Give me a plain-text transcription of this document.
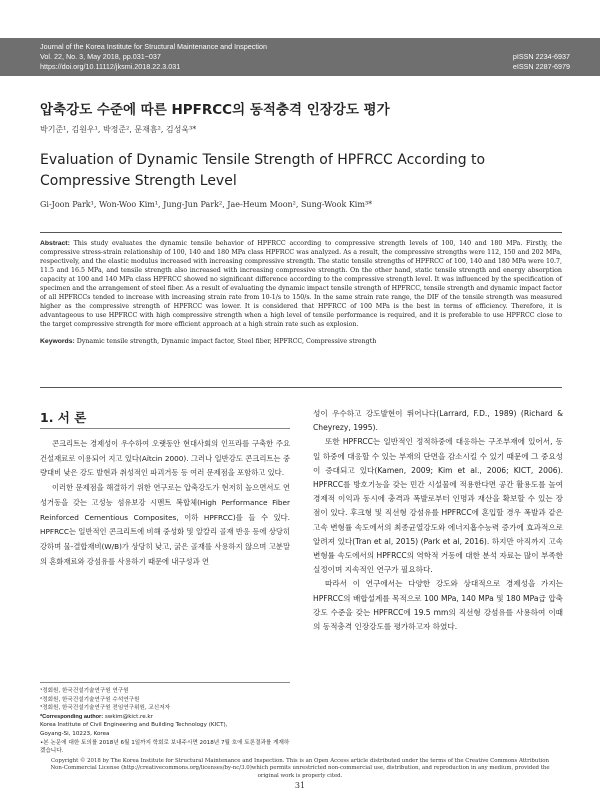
Journal of the Korea Institute for Structural Maintenance and Inspection
Vol. 22, No. 3, May 2018, pp.031~037
https://doi.org/10.11112/jksmi.2018.22.3.031
pISSN 2234-6937
eISSN 2287-6979
압축강도 수준에 따른 HPFRCC의 동적충격 인장강도 평가
박기준¹, 김원우¹, 박정준², 문재흠², 김성욱³*
Evaluation of Dynamic Tensile Strength of HPFRCC According to Compressive Strength Level
Gi-Joon Park¹, Won-Woo Kim¹, Jung-Jun Park², Jae-Heum Moon², Sung-Wook Kim³*
Abstract: This study evaluates the dynamic tensile behavior of HPFRCC according to compressive strength levels of 100, 140 and 180 MPa. Firstly, the compressive stress-strain relationship of 100, 140 and 180 MPa class HPFRCC was analyzed. As a result, the compressive strengths were 112, 150 and 202 MPa, respectively, and the elastic modulus increased with increasing compressive strength. The static tensile strengths of HPFRCC of 100, 140 and 180 MPa were 10.7, 11.5 and 16.5 MPa, and tensile strength also increased with increasing compressive strength. On the other hand, static tensile strength and energy absorption capacity at 100 and 140 MPa class HPFRCC showed no significant difference according to the compressive strength level. It was influenced by the specification of specimen and the arrangement of steel fiber. As a result of evaluating the dynamic impact tensile strength of HPFRCC, tensile strength and dynamic impact factor of all HPFRCCs tended to increase with increasing strain rate from 10-1/s to 150/s. In the same strain rate range, the DIF of the tensile strength was measured higher as the compressive strength of HPFRCC was lower. It is considered that HPFRCC of 100 MPa is the best in terms of efficiency. Therefore, it is advantageous to use HPFRCC with high compressive strength when a high level of tensile performance is required, and it is preferable to use HPFRCC close to the target compressive strength for more efficient approach at a high strain rate such as explosion.
Keywords: Dynamic tensile strength, Dynamic impact factor, Steel fiber, HPFRCC, Compressive strength
1. 서 론

콘크리트는 경제성이 우수하여 오랫동안 현대사회의 인프라를 구축한 주요 건설재료로 이용되어 지고 있다(Aïtcin 2000). 그러나 일반강도 콘크리트는 중량대비 낮은 강도 발현과 취성적인 파괴거동 등 여러 문제점을 포함하고 있다.

이러한 문제점을 해결하기 위한 연구로는 압축강도가 현저히 높으면서도 연성거동을 갖는 고성능 섬유보강 시멘트 복합체(High Performance Fiber Reinforced Cementious Composites, 이하 HPFRCC)를 들 수 있다. HPFRCC는 일반적인 콘크리트에 비해 중성화 및 알칼리 골재 반응 등에 상당히 강하며 물-결합재비(W/B)가 상당히 낮고, 굵은 골재를 사용하지 않으며 고분말의 혼화재료와 강섬유를 사용하기 때문에 내구성과 연

성이 우수하고 강도발현이 뛰어나다(Larrard, F.D., 1989) (Richard & Cheyrezy, 1995).

또한 HPFRCC는 일반적인 정적하중에 대응하는 구조부재에 있어서, 동일 하중에 대응할 수 있는 부재의 단면을 감소시킬 수 있기 때문에 그 중요성이 증대되고 있다(Kamen, 2009; Kim et al., 2006; KICT, 2006). HPFRCC를 방호기능을 갖는 민간 시설물에 적용한다면 공간 활용도를 높여 경제적 이익과 동시에 충격과 폭발로부터 인명과 재산을 확보할 수 있는 장점이 있다. 후크형 및 직선형 강섬유를 HPFRCC에 혼입할 경우 폭발과 같은 고속 변형률 속도에서의 최종균열강도와 에너지흡수능력 증가에 효과적으로 알려져 있다(Tran et al, 2015) (Park et al, 2016). 하지만 아직까지 고속 변형률 속도에서의 HPFRCC의 역학적 거동에 대한 분석 자료는 많이 부족한 실정이며 지속적인 연구가 필요하다.

따라서 이 연구에서는 다양한 강도와 상대적으로 경제성을 가지는 HPFRCC의 배합설계를 목적으로 100 MPa, 140 MPa 및 180 MPa급 압축강도 수준을 갖는 HPFRCC에 19.5 mm의 직선형 강섬유를 사용하여 이때의 동적충격 인장강도를 평가하고자 하였다.

¹정회원, 한국건설기술연구원 연구원
²정회원, 한국건설기술연구원 수석연구원
³정회원, 한국건설기술연구원 전임연구위원, 교신저자
*Corresponding author: swkim@kict.re.kr
Korea Institute of Civil Engineering and Building Technology (KICT),
Goyang-Si, 10223, Korea
•본 논문에 대한 토의를 2018년 6월 1일까지 학회로 보내주시면 2018년 7월 호에 토론결과를 게재하겠습니다.
Copyright © 2018 by The Korea Institute for Structural Maintenance and Inspection. This is an Open Access article distributed under the terms of the Creative Commons Attribution Non-Commercial License (http://creativecommons.org/licenses/by-nc/3.0)which permits unrestricted non-commercial use, distribution, and reproduction in any medium, provided the original work is properly cited.
31
